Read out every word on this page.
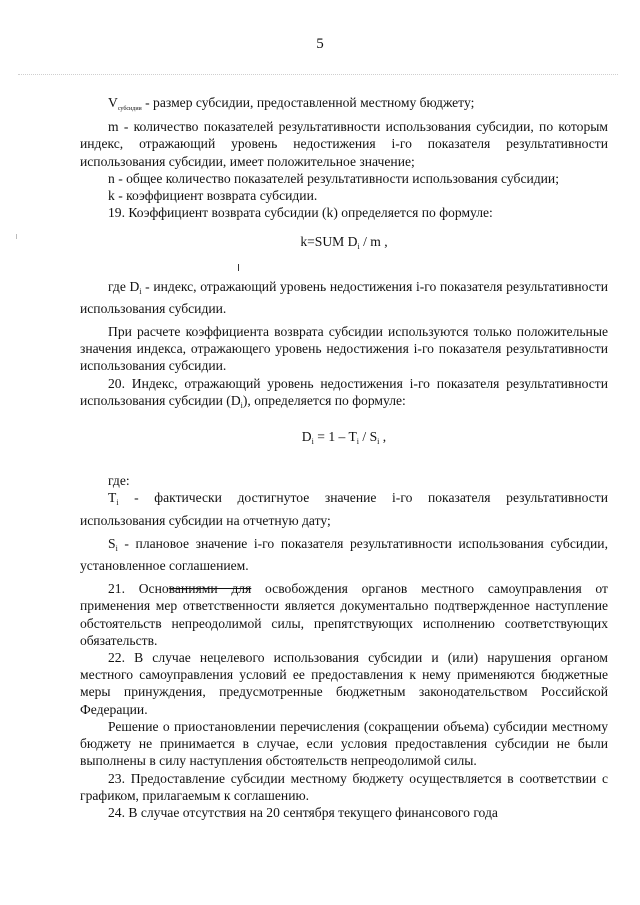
5

$V_{субсидии}$ - размер субсидии, предоставленной местному бюджету;

m - количество показателей результативности использования субсидии, по которым индекс, отражающий уровень недостижения i-го показателя результативности использования субсидии, имеет положительное значение;

n - общее количество показателей результативности использования субсидии;

k - коэффициент возврата субсидии.

19. Коэффициент возврата субсидии (k) определяется по формуле:

k=SUM $D_i$ / m ,

где $D_i$ - индекс, отражающий уровень недостижения i-го показателя результативности использования субсидии.

При расчете коэффициента возврата субсидии используются только положительные значения индекса, отражающего уровень недостижения i-го показателя результативности использования субсидии.

20. Индекс, отражающий уровень недостижения i-го показателя результативности использования субсидии $(D_i)$, определяется по формуле:

$D_i = 1 - T_i / S_i$ ,

где:

$T_i$ - фактически достигнутое значение i-го показателя результативности использования субсидии на отчетную дату;

$S_i$ - плановое значение i-го показателя результативности использования субсидии, установленное соглашением.

21. Основаниями для освобождения органов местного самоуправления от применения мер ответственности является документально подтвержденное наступление обстоятельств непреодолимой силы, препятствующих исполнению соответствующих обязательств.

22. В случае нецелевого использования субсидии и (или) нарушения органом местного самоуправления условий ее предоставления к нему применяются бюджетные меры принуждения, предусмотренные бюджетным законодательством Российской Федерации.

Решение о приостановлении перечисления (сокращении объема) субсидии местному бюджету не принимается в случае, если условия предоставления субсидии не были выполнены в силу наступления обстоятельств непреодолимой силы.

23. Предоставление субсидии местному бюджету осуществляется в соответствии с графиком, прилагаемым к соглашению.

24. В случае отсутствия на 20 сентября текущего финансового года
